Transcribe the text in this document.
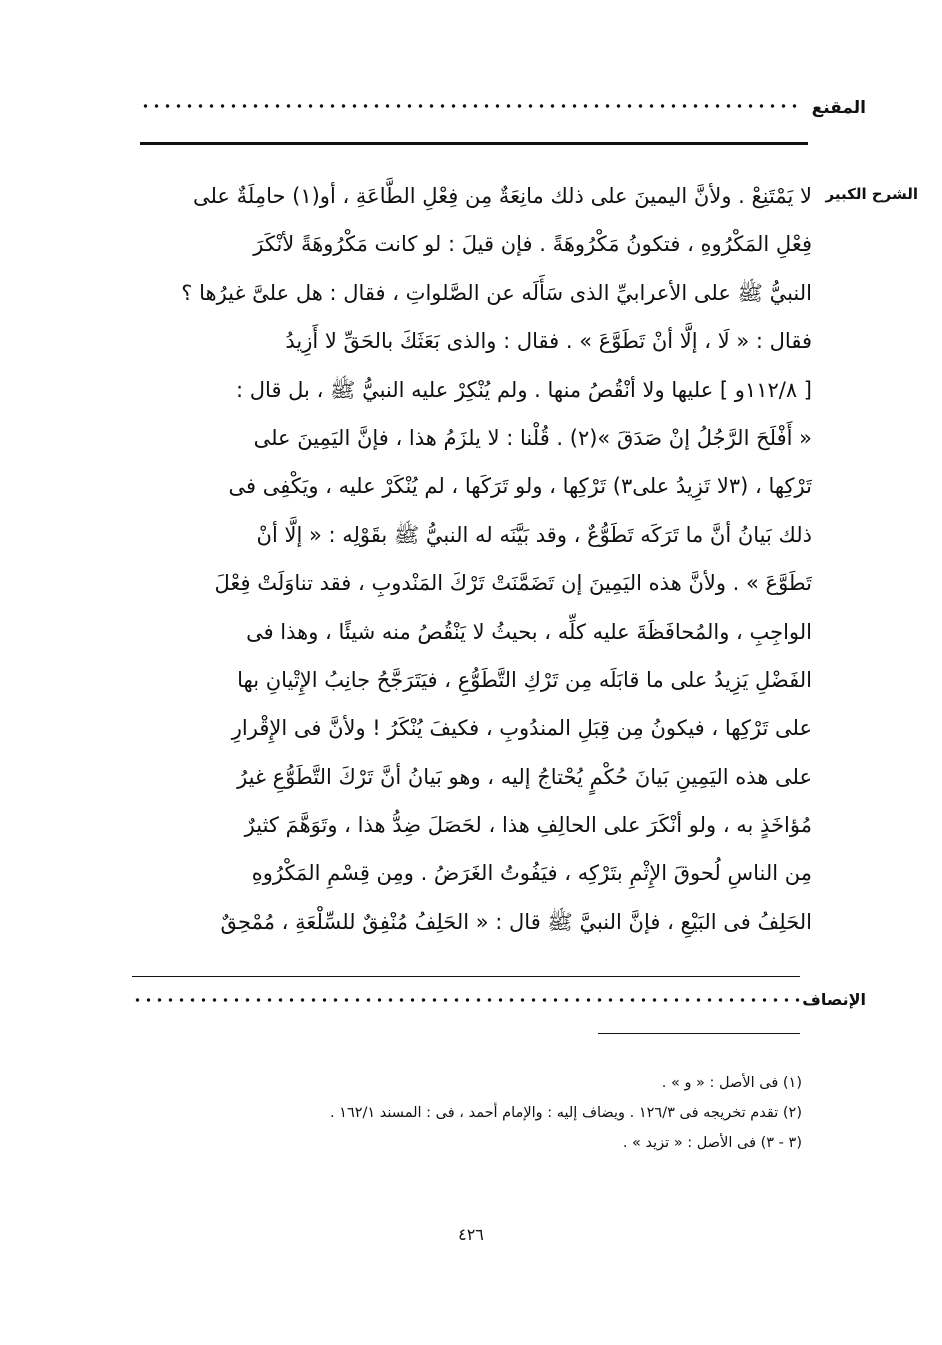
المقنع
الشرح الكبير
لا يَمْتَنِعْ . ولأنَّ اليمينَ على ذلك مانِعَةٌ مِن فِعْلِ الطَّاعَةِ ، أو(١) حامِلَةٌ على
فِعْلِ المَكْرُوهِ ، فتكونُ مَكْرُوهَةً . فإن قيلَ : لو كانت مَكْرُوهَةً لأنْكَرَ
النبيُّ ﷺ على الأعرابيِّ الذى سَأَلَه عن الصَّلواتِ ، فقال : هل علىَّ غيرُها ؟
فقال : « لَا ، إلَّا أنْ تَطَوَّعَ » . فقال : والذى بَعَثَكَ بالحَقِّ لا أَزِيدُ
[ ١١٢/٨و ] عليها ولا أنْقُصُ منها . ولم يُنْكِرْ عليه النبيُّ ﷺ ، بل قال :
« أَفْلَحَ الرَّجُلُ إنْ صَدَقَ »(٢) . قُلْنا : لا يلزَمُ هذا ، فإنَّ اليَمِينَ على
تَرْكِها ، (٣لا تَزِيدُ على٣) تَرْكِها ، ولو تَرَكَها ، لم يُنْكَرْ عليه ، ويَكْفِى فى
ذلك بَيانُ أنَّ ما تَرَكَه تَطَوُّعٌ ، وقد بَيَّنَه له النبيُّ ﷺ بقَوْلِه : « إلَّا أنْ
تَطَوَّعَ » . ولأنَّ هذه اليَمِينَ إن تَضَمَّنَتْ تَرْكَ المَنْدوبِ ، فقد تناوَلَتْ فِعْلَ
الواجِبِ ، والمُحافَظَةَ عليه كلِّه ، بحيثُ لا يَنْقُصُ منه شيئًا ، وهذا فى
الفَضْلِ يَزِيدُ على ما قابَلَه مِن تَرْكِ التَّطَوُّعِ ، فيَتَرَجَّحُ جانِبُ الإِتْيانِ بها
على تَرْكِها ، فيكونُ مِن قِبَلِ المندُوبِ ، فكيفَ يُنْكَرُ ! ولأنَّ فى الإِقْرارِ
على هذه اليَمِينِ بَيانَ حُكْمٍ يُحْتاجُ إليه ، وهو بَيانُ أنَّ تَرْكَ التَّطَوُّعِ غيرُ
مُؤاخَذٍ به ، ولو أنْكَرَ على الحالِفِ هذا ، لحَصَلَ ضِدُّ هذا ، وتَوَهَّمَ كثيرٌ
مِن الناسِ لُحوقَ الإِثْمِ بتَرْكِه ، فيَفُوتُ الغَرَضُ . ومِن قِسْمِ المَكْرُوهِ
الحَلِفُ فى البَيْعِ ، فإنَّ النبيَّ ﷺ قال : « الحَلِفُ مُنْفِقٌ للسِّلْعَةِ ، مُمْحِقٌ
الإنصاف
(١) فى الأصل : « و » .
(٢) تقدم تخريجه فى ١٢٦/٣ . ويضاف إليه : والإمام أحمد ، فى : المسند ١٦٢/١ .
(٣ - ٣) فى الأصل : « تزيد » .
٤٢٦
